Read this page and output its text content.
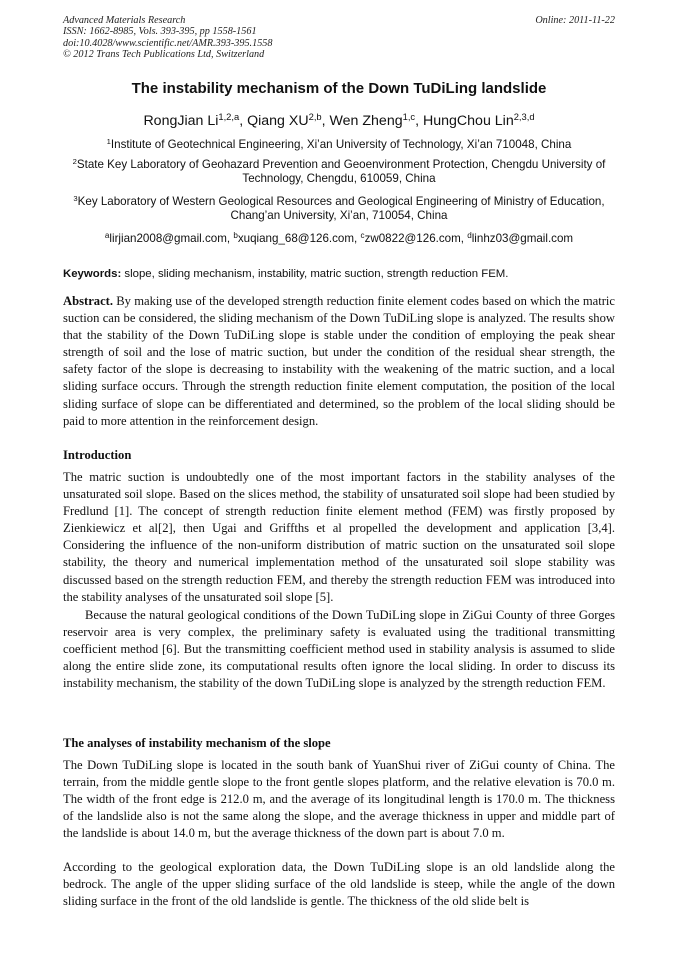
Advanced Materials Research
ISSN: 1662-8985, Vols. 393-395, pp 1558-1561
doi:10.4028/www.scientific.net/AMR.393-395.1558
© 2012 Trans Tech Publications Ltd, Switzerland
Online: 2011-11-22
The instability mechanism of the Down TuDiLing landslide
RongJian Li$^{1,2,a}$, Qiang XU$^{2,b}$, Wen Zheng$^{1,c}$, HungChou Lin$^{2,3,d}$
$^1$Institute of Geotechnical Engineering, Xi’an University of Technology, Xi’an 710048, China
$^2$State Key Laboratory of Geohazard Prevention and Geoenvironment Protection, Chengdu University of Technology, Chengdu, 610059, China
$^3$Key Laboratory of Western Geological Resources and Geological Engineering of Ministry of Education, Chang’an University, Xi’an, 710054, China
$^a$lirjian2008@gmail.com, $^b$xuqiang_68@126.com, $^c$zw0822@126.com, $^d$linhz03@gmail.com
Keywords: slope, sliding mechanism, instability, matric suction, strength reduction FEM.
Abstract. By making use of the developed strength reduction finite element codes based on which the matric suction can be considered, the sliding mechanism of the Down TuDiLing slope is analyzed. The results show that the stability of the Down TuDiLing slope is stable under the condition of employing the peak shear strength of soil and the lose of matric suction, but under the condition of the residual shear strength, the safety factor of the slope is decreasing to instability with the weakening of the matric suction, and a local sliding surface occurs. Through the strength reduction finite element computation, the position of the local sliding surface of slope can be differentiated and determined, so the problem of the local sliding should be paid to more attention in the reinforcement design.
Introduction
The matric suction is undoubtedly one of the most important factors in the stability analyses of the unsaturated soil slope. Based on the slices method, the stability of unsaturated soil slope had been studied by Fredlund [1]. The concept of strength reduction finite element method (FEM) was firstly proposed by Zienkiewicz et al[2], then Ugai and Griffths et al propelled the development and application [3,4]. Considering the influence of the non-uniform distribution of matric suction on the unsaturated soil slope stability, the theory and numerical implementation method of the unsaturated soil slope stability was discussed based on the strength reduction FEM, and thereby the strength reduction FEM was introduced into the stability analyses of the unsaturated soil slope [5].
Because the natural geological conditions of the Down TuDiLing slope in ZiGui County of three Gorges reservoir area is very complex, the preliminary safety is evaluated using the traditional transmitting coefficient method [6]. But the transmitting coefficient method used in stability analysis is assumed to slide along the entire slide zone, its computational results often ignore the local sliding. In order to discuss its instability mechanism, the stability of the down TuDiLing slope is analyzed by the strength reduction FEM.
The analyses of instability mechanism of the slope
The Down TuDiLing slope is located in the south bank of YuanShui river of ZiGui county of China. The terrain, from the middle gentle slope to the front gentle slopes platform, and the relative elevation is 70.0 m. The width of the front edge is 212.0 m, and the average of its longitudinal length is 170.0 m. The thickness of the landslide also is not the same along the slope, and the average thickness in upper and middle part of the landslide is about 14.0 m, but the average thickness of the down part is about 7.0 m.
According to the geological exploration data, the Down TuDiLing slope is an old landslide along the bedrock. The angle of the upper sliding surface of the old landslide is steep, while the angle of the down sliding surface in the front of the old landslide is gentle. The thickness of the old slide belt is
